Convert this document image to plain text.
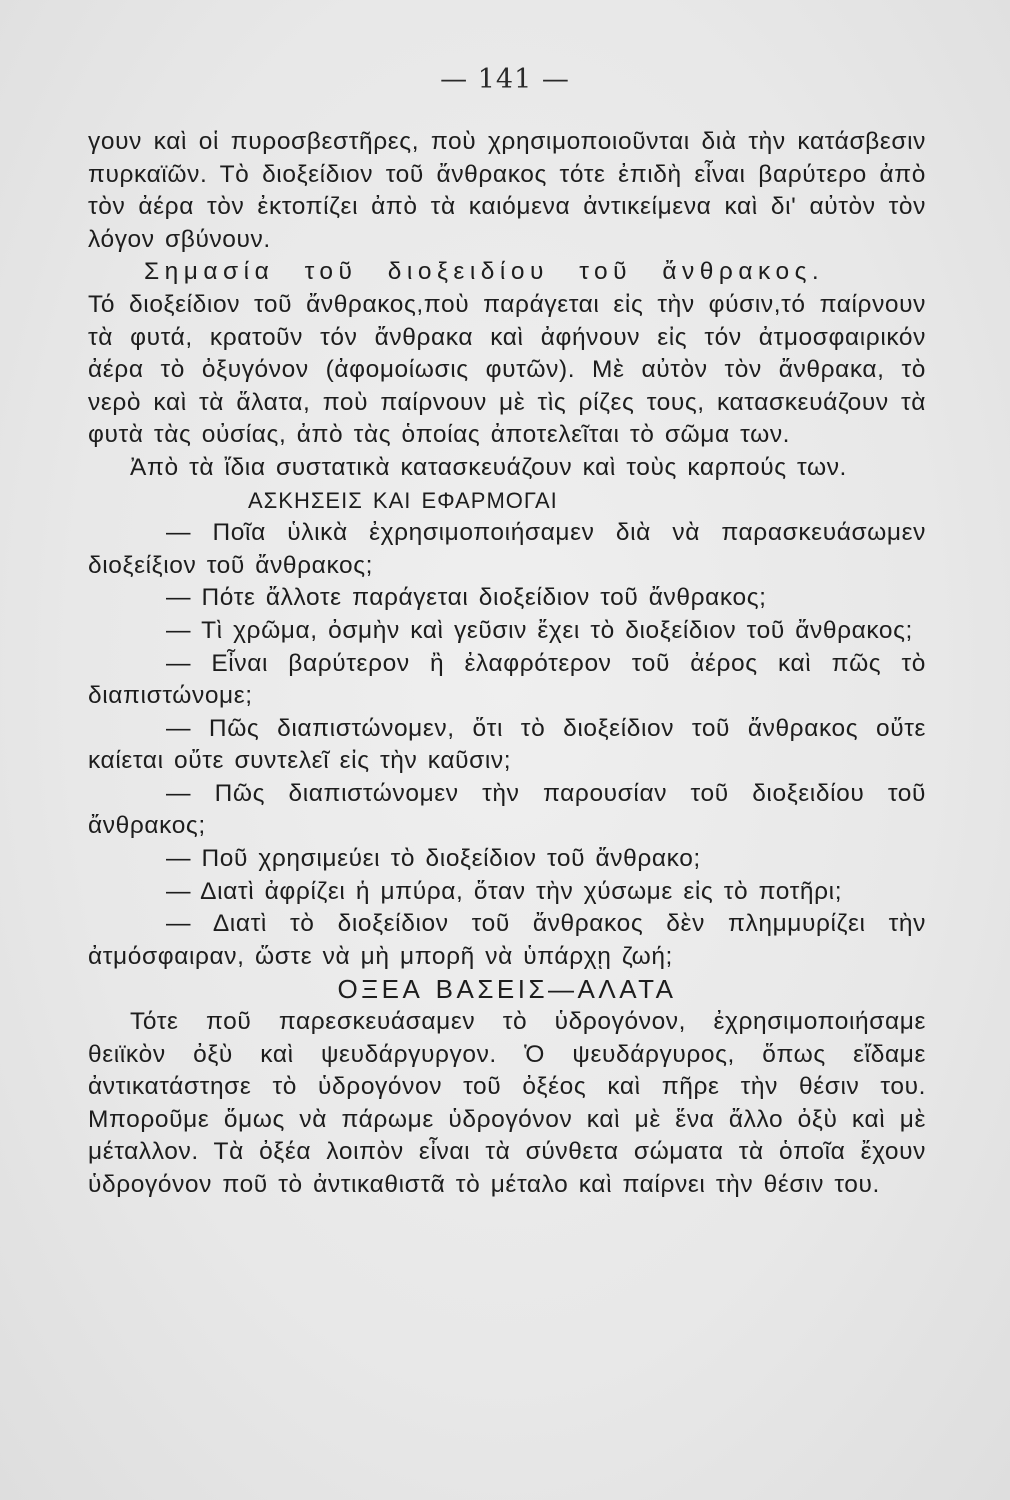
— 141 —

γουν καὶ οἱ πυροσβεστῆρες, ποὺ χρησιμοποιοῦνται διὰ τὴν κατάσβεσιν πυρκαϊῶν. Τὸ διοξείδιον τοῦ ἄνθρακος τότε ἐπιδὴ εἶναι βαρύτερο ἀπὸ τὸν ἀέρα τὸν ἐκτοπίζει ἀπὸ τὰ καιόμενα ἀντικείμενα καὶ δι' αὐτὸν τὸν λόγον σβύνουν.

Σημασία τοῦ διοξειδίου τοῦ ἄνθρακος.

Τό διοξείδιον τοῦ ἄνθρακος,ποὺ παράγεται εἰς τὴν φύσιν,τό παίρνουν τὰ φυτά, κρατοῦν τόν ἄνθρακα καὶ ἀφήνουν εἰς τόν ἀτμοσφαιρικόν ἀέρα τὸ ὀξυγόνον (ἀφομοίωσις φυτῶν). Μὲ αὐτὸν τὸν ἄνθρακα, τὸ νερὸ καὶ τὰ ἅλατα, ποὺ παίρνουν μὲ τὶς ρίζες τους, κατασκευάζουν τὰ φυτὰ τὰς οὐσίας, ἀπὸ τὰς ὁποίας ἀποτελεῖται τὸ σῶμα των.

Ἀπὸ τὰ ἴδια συστατικὰ κατασκευάζουν καὶ τοὺς καρπούς των.

ΑΣΚΗΣΕΙΣ ΚΑΙ ΕΦΑΡΜΟΓΑΙ

— Ποῖα ὑλικὰ ἐχρησιμοποιήσαμεν διὰ νὰ παρασκευάσωμεν διοξείξιον τοῦ ἄνθρακος;

— Πότε ἄλλοτε παράγεται διοξείδιον τοῦ ἄνθρακος;

— Τὶ χρῶμα, ὀσμὴν καὶ γεῦσιν ἔχει τὸ διοξείδιον τοῦ ἄνθρακος;

— Εἶναι βαρύτερον ἢ ἐλαφρότερον τοῦ ἀέρος καὶ πῶς τὸ διαπιστώνομε;

— Πῶς διαπιστώνομεν, ὅτι τὸ διοξείδιον τοῦ ἄνθρακος οὔτε καίεται οὔτε συντελεῖ εἰς τὴν καῦσιν;

— Πῶς διαπιστώνομεν τὴν παρουσίαν τοῦ διοξειδίου τοῦ ἄνθρακος;

— Ποῦ χρησιμεύει τὸ διοξείδιον τοῦ ἄνθρακο;

— Διατὶ ἀφρίζει ἡ μπύρα, ὅταν τὴν χύσωμε εἰς τὸ ποτῆρι;

— Διατὶ τὸ διοξείδιον τοῦ ἄνθρακος δὲν πλημμυρίζει τὴν ἀτμόσφαιραν, ὥστε νὰ μὴ μπορῆ νὰ ὑπάρχῃ ζωή;

ΟΞΕΑ ΒΑΣΕΙΣ—ΑΛΑΤΑ

Τότε ποῦ παρεσκευάσαμεν τὸ ὑδρογόνον, ἐχρησιμοποιήσαμε θειϊκὸν ὀξὺ καὶ ψευδάργυργον. Ὁ ψευδάργυρος, ὅπως εἴδαμε ἀντικατάστησε τὸ ὑδρογόνον τοῦ ὀξέος καὶ πῆρε τὴν θέσιν του. Μποροῦμε ὅμως νὰ πάρωμε ὑδρογόνον καὶ μὲ ἕνα ἄλλο ὀξὺ καὶ μὲ μέταλλον. Τὰ ὀξέα λοιπὸν εἶναι τὰ σύνθετα σώματα τὰ ὁποῖα ἔχουν ὑδρογόνον ποῦ τὸ ἀντικαθιστᾶ τὸ μέταλο καὶ παίρνει τὴν θέσιν του.
